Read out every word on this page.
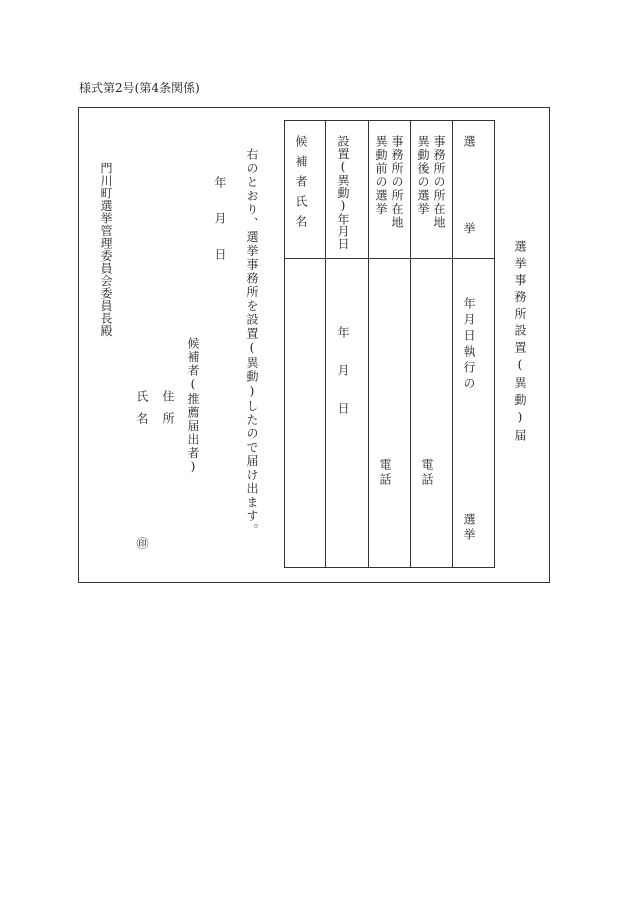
様式第2号(第4条関係)
選挙事務所設置(異動)届
選挙
年月日執行の
選挙
事務所の所在地
異動後の選挙
電話
事務所の所在地
異動前の選挙
電話
設置(異動)年月日
年月日
候補者氏名
右のとおり、選挙事務所を設置(異動)したので届け出ます。
年月日
候補者(推薦届出者)
住所
氏名
㊞
門川町選挙管理委員会委員長殿
